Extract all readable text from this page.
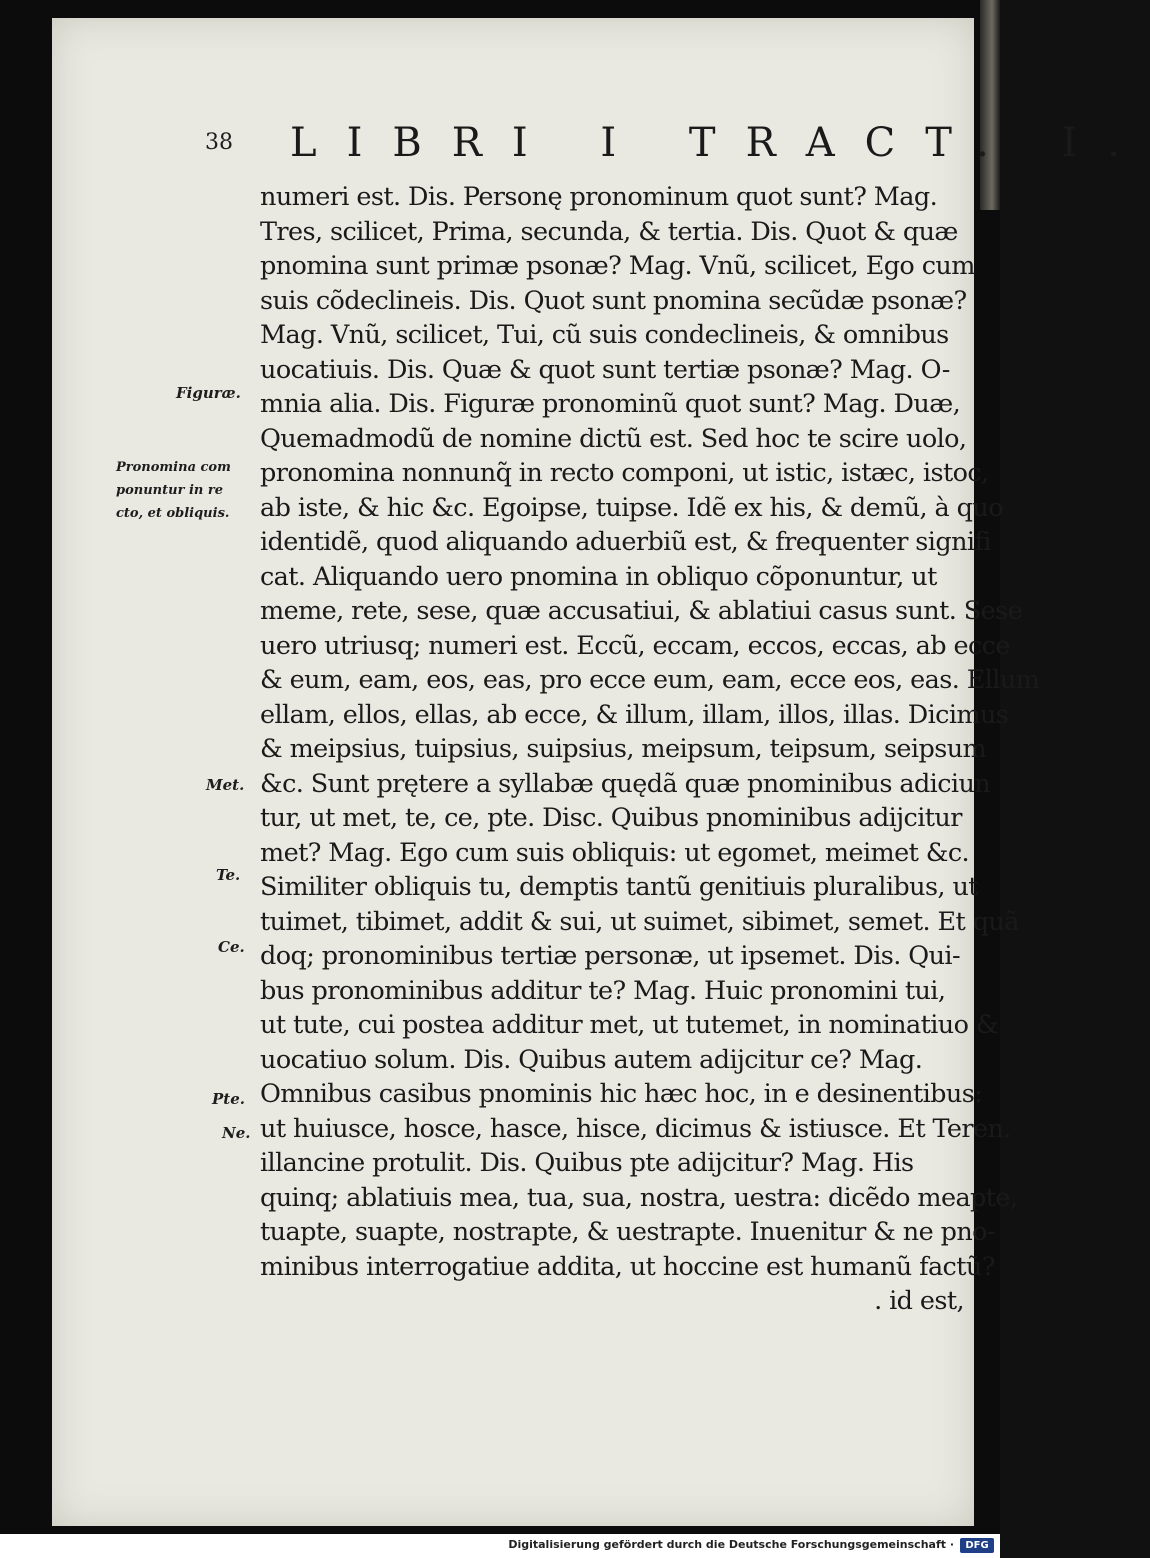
38 LIBRI I TRACT. I.
numeri est. Dis. Personę pronominum quot sunt? Mag.
Tres, scilicet, Prima, secunda, & tertia. Dis. Quot & quæ
pnomina sunt primæ psonæ? Mag. Vnũ, scilicet, Ego cum
suis cõdeclineis. Dis. Quot sunt pnomina secũdæ psonæ?
Mag. Vnũ, scilicet, Tui, cũ suis condeclineis, & omnibus
uocatiuis. Dis. Quæ & quot sunt tertiæ psonæ? Mag. O-
mnia alia. Dis. Figuræ pronominũ quot sunt? Mag. Duæ,
Quemadmodũ de nomine dictũ est. Sed hoc te scire uolo,
pronomina nonnunq̃ in recto componi, ut istic, istæc, istoc,
ab iste, & hic &c. Egoipse, tuipse. Idẽ ex his, & demũ, à quo
identidẽ, quod aliquando aduerbiũ est, & frequenter signifi
cat. Aliquando uero pnomina in obliquo cõponuntur, ut
meme, rete, sese, quæ accusatiui, & ablatiui casus sunt. Sese
uero utriusq; numeri est. Eccũ, eccam, eccos, eccas, ab ecce
& eum, eam, eos, eas, pro ecce eum, eam, ecce eos, eas. Ellum
ellam, ellos, ellas, ab ecce, & illum, illam, illos, illas. Dicimus
& meipsius, tuipsius, suipsius, meipsum, teipsum, seipsum
&c. Sunt prętere a syllabæ quędã quæ pnominibus adiciun
tur, ut met, te, ce, pte. Disc. Quibus pnominibus adijcitur
met? Mag. Ego cum suis obliquis: ut egomet, meimet &c.
Similiter obliquis tu, demptis tantũ genitiuis pluralibus, ut
tuimet, tibimet, addit & sui, ut suimet, sibimet, semet. Et quã
doq; pronominibus tertiæ personæ, ut ipsemet. Dis. Qui-
bus pronominibus additur te? Mag. Huic pronomini tui,
ut tute, cui postea additur met, ut tutemet, in nominatiuo &
uocatiuo solum. Dis. Quibus autem adijcitur ce? Mag.
Omnibus casibus pnominis hic hæc hoc, in e desinentibus:
ut huiusce, hosce, hasce, hisce, dicimus & istiusce. Et Teren.
illancine protulit. Dis. Quibus pte adijcitur? Mag. His
quinq; ablatiuis mea, tua, sua, nostra, uestra: dicẽdo meapte,
tuapte, suapte, nostrapte, & uestrapte. Inuenitur & ne pno-
minibus interrogatiue addita, ut hoccine est humanũ factũ?
. id est,
Figuræ.
Pronomina com
ponuntur in re
cto, et obliquis.
Met.
Te.
Ce.
Pte.
Ne.
Digitalisierung gefördert durch die Deutsche Forschungsgemeinschaft ·	DFG
